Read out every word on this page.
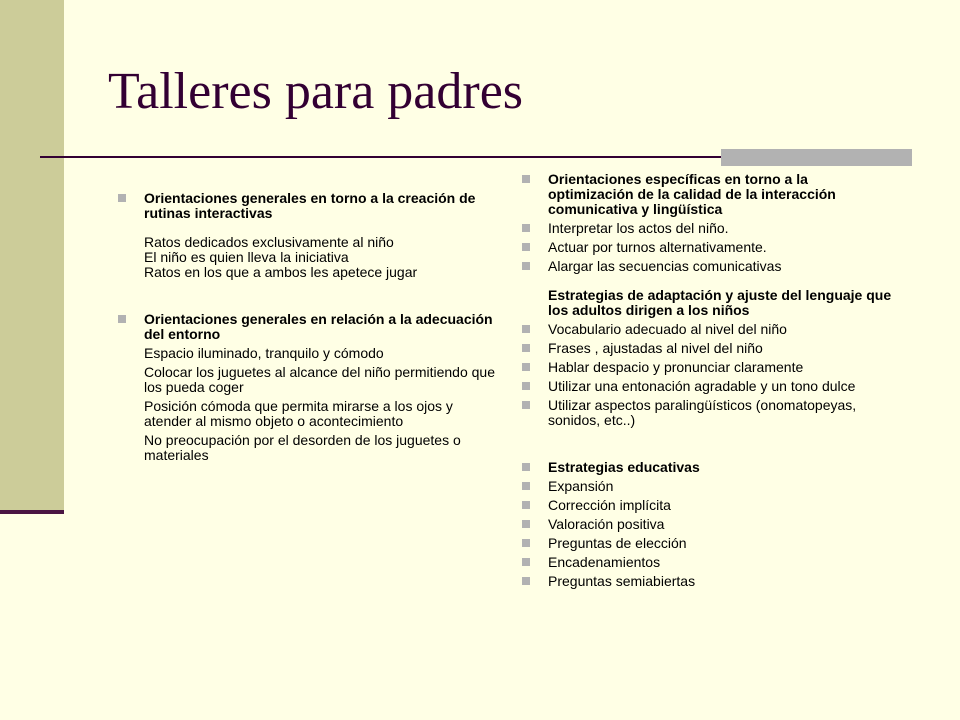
Talleres para padres
Orientaciones generales en torno a la creación de rutinas interactivas
Ratos dedicados exclusivamente al niño
El niño es quien lleva la iniciativa
Ratos en los que a ambos les apetece jugar
Orientaciones generales en relación a la adecuación del entorno
Espacio iluminado, tranquilo y cómodo
Colocar los juguetes al alcance del niño permitiendo que los pueda coger
Posición cómoda que permita mirarse a los ojos y atender al mismo objeto o acontecimiento
No preocupación por el desorden de los juguetes o materiales
Orientaciones específicas en torno a la optimización de la calidad de la interacción comunicativa y lingüística
Interpretar los actos del niño.
Actuar por turnos alternativamente.
Alargar las secuencias comunicativas
Estrategias de adaptación y ajuste del lenguaje que los adultos dirigen a los niños
Vocabulario adecuado al nivel del niño
Frases , ajustadas al nivel del niño
Hablar despacio y pronunciar claramente
Utilizar una entonación agradable y un tono dulce
Utilizar aspectos paralingüísticos (onomatopeyas, sonidos, etc..)
Estrategias educativas
Expansión
Corrección implícita
Valoración positiva
Preguntas de elección
Encadenamientos
Preguntas semiabiertas
